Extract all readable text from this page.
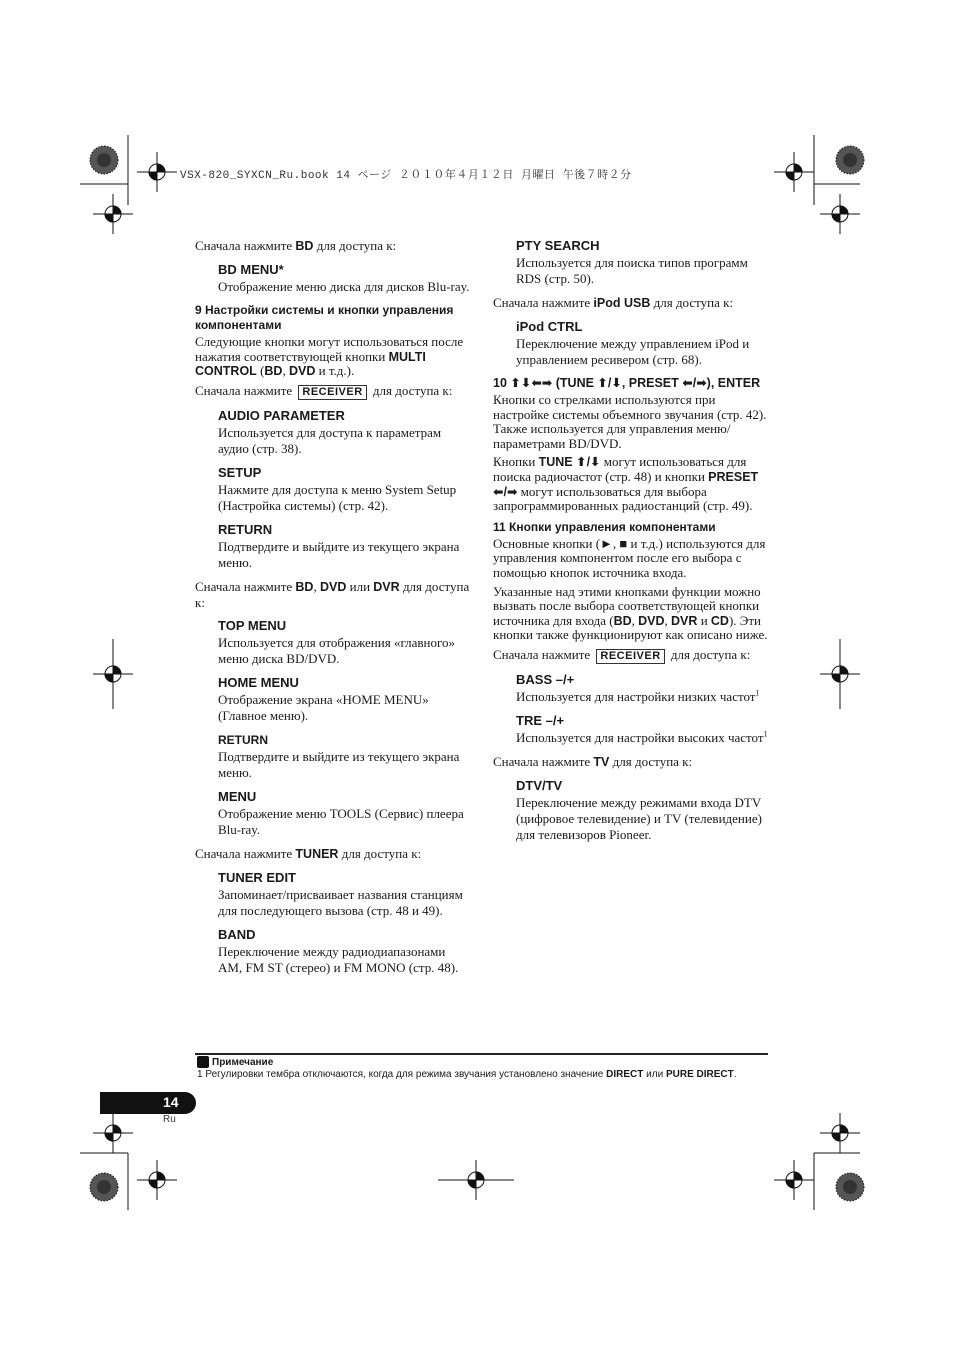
VSX-820_SYXCN_Ru.book 14 ページ ２０１０年４月１２日 月曜日 午後７時２分

Сначала нажмите BD для доступа к:

BD MENU*

Отображение меню диска для дисков Blu-ray.

9 Настройки системы и кнопки управления компонентами

Следующие кнопки могут использоваться после нажатия соответствующей кнопки MULTI CONTROL (BD, DVD и т.д.).

Сначала нажмите RECEIVER для доступа к:

AUDIO PARAMETER

Используется для доступа к параметрам аудио (стр. 38).

SETUP

Нажмите для доступа к меню System Setup (Настройка системы) (стр. 42).

RETURN

Подтвердите и выйдите из текущего экрана меню.

Сначала нажмите BD, DVD или DVR для доступа к:

TOP MENU

Используется для отображения «главного» меню диска BD/DVD.

HOME MENU

Отображение экрана «HOME MENU» (Главное меню).

RETURN

Подтвердите и выйдите из текущего экрана меню.

MENU

Отображение меню TOOLS (Сервис) плеера Blu-ray.

Сначала нажмите TUNER для доступа к:

TUNER EDIT

Запоминает/присваивает названия станциям для последующего вызова (стр. 48 и 49).

BAND

Переключение между радиодиапазонами AM, FM ST (стерео) и FM MONO (стр. 48).

PTY SEARCH

Используется для поиска типов программ RDS (стр. 50).

Сначала нажмите iPod USB для доступа к:

iPod CTRL

Переключение между управлением iPod и управлением ресивером (стр. 68).

10 ⬆⬇⬅➡ (TUNE ⬆/⬇, PRESET ⬅/➡), ENTER

Кнопки со стрелками используются при настройке системы объемного звучания (стр. 42). Также используется для управления меню/параметрами BD/DVD.

Кнопки TUNE ⬆/⬇ могут использоваться для поиска радиочастот (стр. 48) и кнопки PRESET ⬅/➡ могут использоваться для выбора запрограммированных радиостанций (стр. 49).

11 Кнопки управления компонентами

Основные кнопки (►, ■ и т.д.) используются для управления компонентом после его выбора с помощью кнопок источника входа.

Указанные над этими кнопками функции можно вызвать после выбора соответствующей кнопки источника для входа (BD, DVD, DVR и CD). Эти кнопки также функционируют как описано ниже.

Сначала нажмите RECEIVER для доступа к:

BASS –/+

Используется для настройки низких частот$^1$

TRE –/+

Используется для настройки высоких частот$^1$

Сначала нажмите TV для доступа к:

DTV/TV

Переключение между режимами входа DTV (цифровое телевидение) и TV (телевидение) для телевизоров Pioneer.

Примечание
1 Регулировки тембра отключаются, когда для режима звучания установлено значение DIRECT или PURE DIRECT.
14
Ru
